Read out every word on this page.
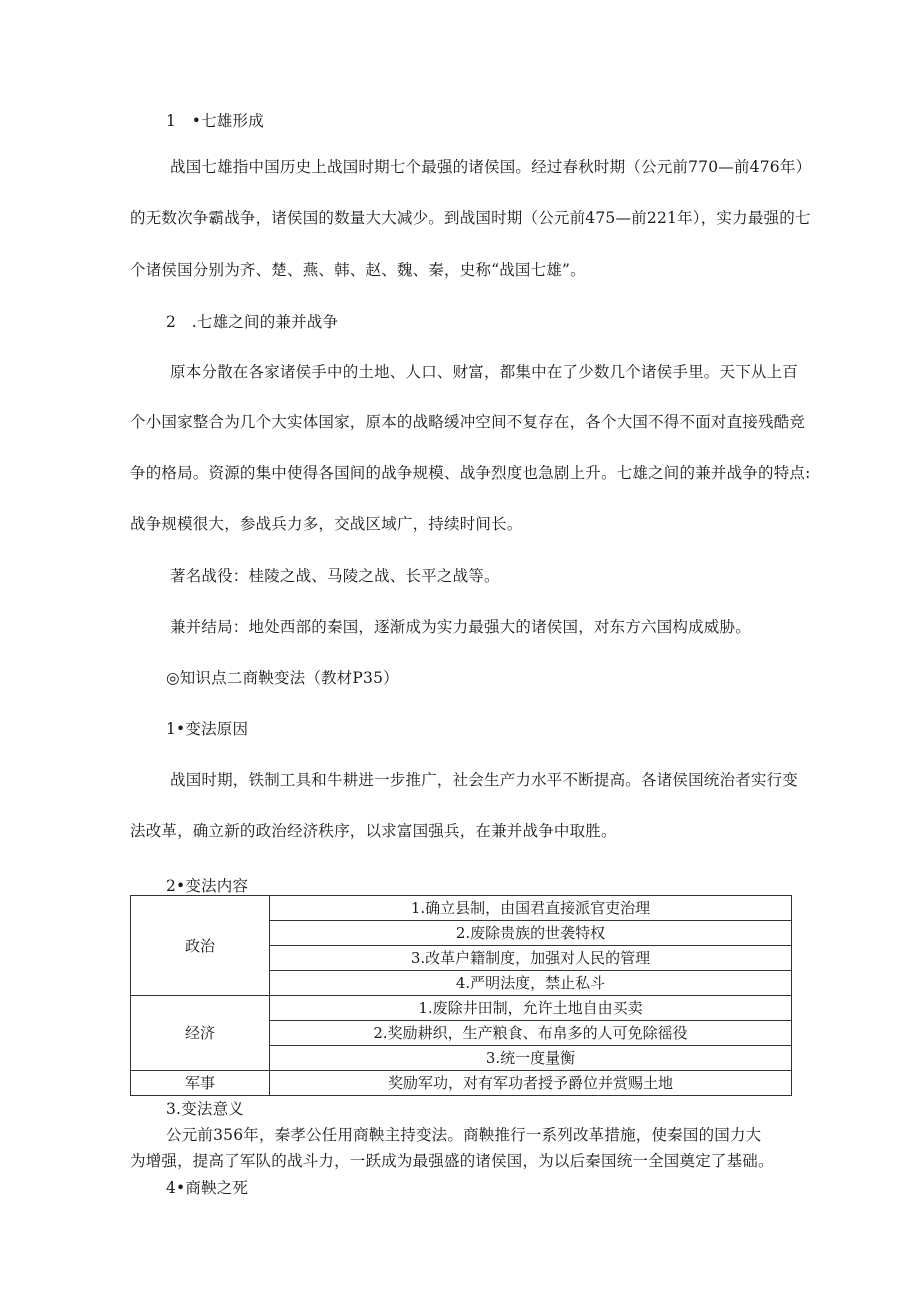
1　•七雄形成
战国七雄指中国历史上战国时期七个最强的诸侯国。经过春秋时期（公元前770—前476年）
的无数次争霸战争，诸侯国的数量大大减少。到战国时期（公元前475—前221年），实力最强的七
个诸侯国分别为齐、楚、燕、韩、赵、魏、秦，史称“战国七雄”。
2　.七雄之间的兼并战争
原本分散在各家诸侯手中的土地、人口、财富，都集中在了少数几个诸侯手里。天下从上百
个小国家整合为几个大实体国家，原本的战略缓冲空间不复存在，各个大国不得不面对直接残酷竞
争的格局。资源的集中使得各国间的战争规模、战争烈度也急剧上升。七雄之间的兼并战争的特点:
战争规模很大，参战兵力多，交战区域广，持续时间长。
著名战役：桂陵之战、马陵之战、长平之战等。
兼并结局：地处西部的秦国，逐渐成为实力最强大的诸侯国，对东方六国构成威胁。
◎知识点二商鞅变法（教材P35）
1•变法原因
战国时期，铁制工具和牛耕进一步推广，社会生产力水平不断提高。各诸侯国统治者实行变
法改革，确立新的政治经济秩序，以求富国强兵，在兼并战争中取胜。
2•变法内容
政治	1.确立县制，由国君直接派官吏治理
	2.废除贵族的世袭特权
	3.改革户籍制度，加强对人民的管理
	4.严明法度，禁止私斗
经济	1.废除井田制，允许土地自由买卖
	2.奖励耕织，生产粮食、布帛多的人可免除徭役
	3.统一度量衡
军事	奖励军功，对有军功者授予爵位并赏赐土地
3.变法意义
公元前356年，秦孝公任用商鞅主持变法。商鞅推行一系列改革措施，使秦国的国力大
为增强，提高了军队的战斗力，一跃成为最强盛的诸侯国，为以后秦国统一全国奠定了基础。
4•商鞅之死
